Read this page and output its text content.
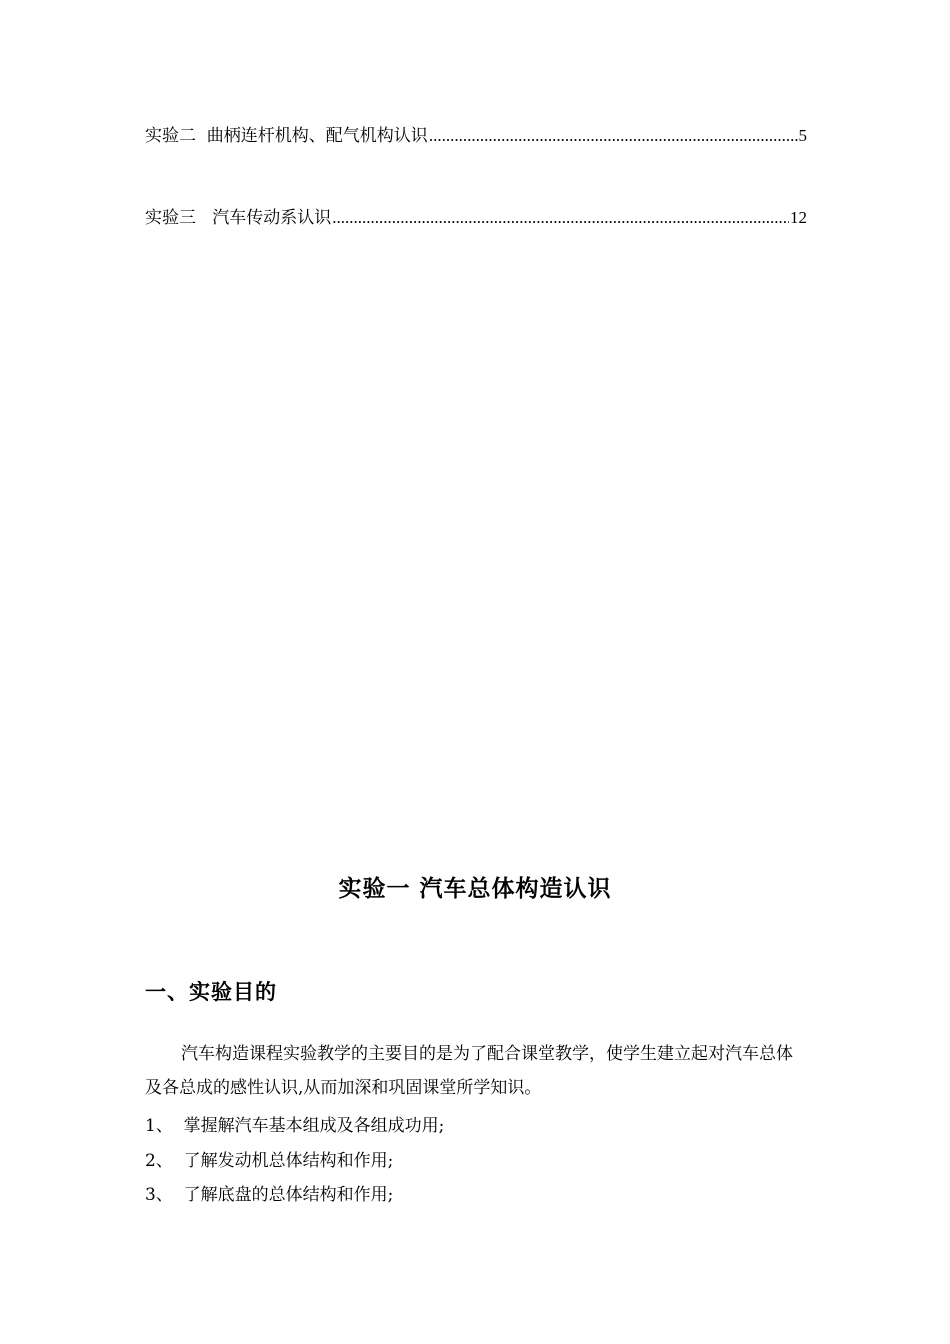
实验二  曲柄连杆机构、配气机构认识 .....	5
实验三   汽车传动系认识 .....	12
实验一 汽车总体构造认识
一、实验目的

汽车构造课程实验教学的主要目的是为了配合课堂教学，使学生建立起对汽车总体及各总成的感性认识,从而加深和巩固课堂所学知识。

1、  掌握解汽车基本组成及各组成功用;
2、  了解发动机总体结构和作用;
3、  了解底盘的总体结构和作用;
